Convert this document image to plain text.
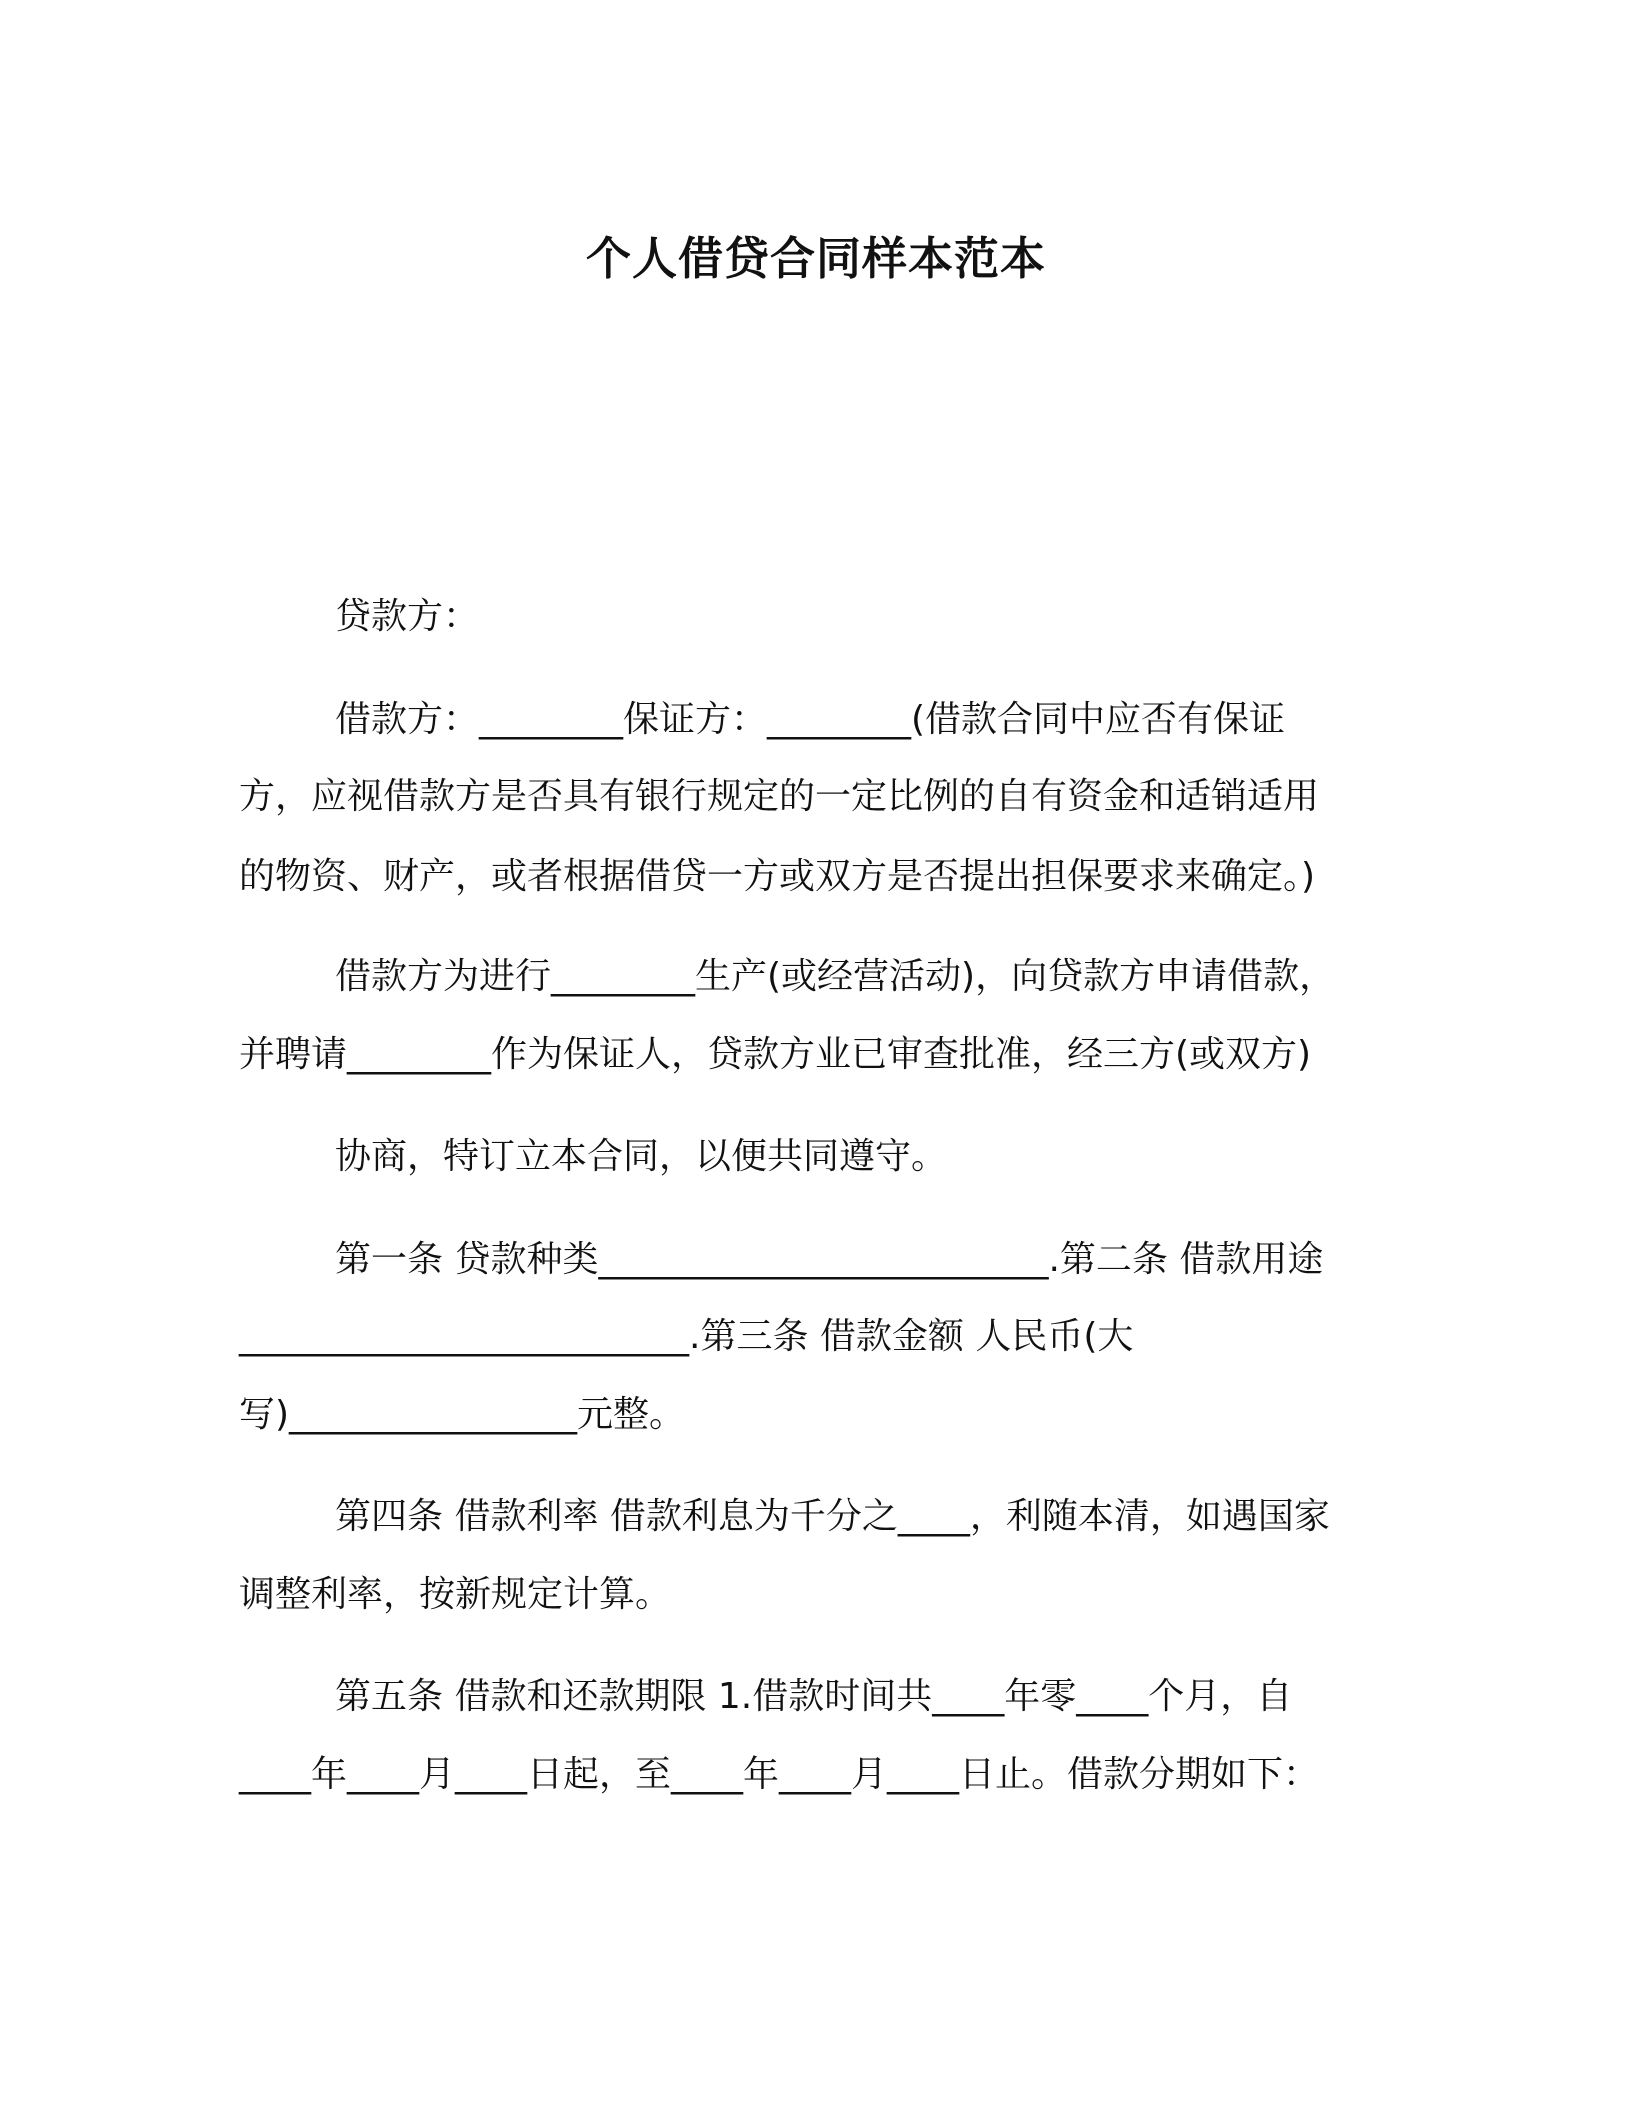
个人借贷合同样本范本
贷款方：
借款方：________保证方：________(借款合同中应否有保证
方，应视借款方是否具有银行规定的一定比例的自有资金和适销适用
的物资、财产，或者根据借贷一方或双方是否提出担保要求来确定。)
借款方为进行________生产(或经营活动)，向贷款方申请借款，
并聘请________作为保证人，贷款方业已审查批准，经三方(或双方)
协商，特订立本合同，以便共同遵守。
第一条 贷款种类_________________________.第二条 借款用途
_________________________.第三条 借款金额 人民币(大
写)________________元整。
第四条 借款利率 借款利息为千分之____，利随本清，如遇国家
调整利率，按新规定计算。
第五条 借款和还款期限 1.借款时间共____年零____个月，自
____年____月____日起，至____年____月____日止。借款分期如下：
